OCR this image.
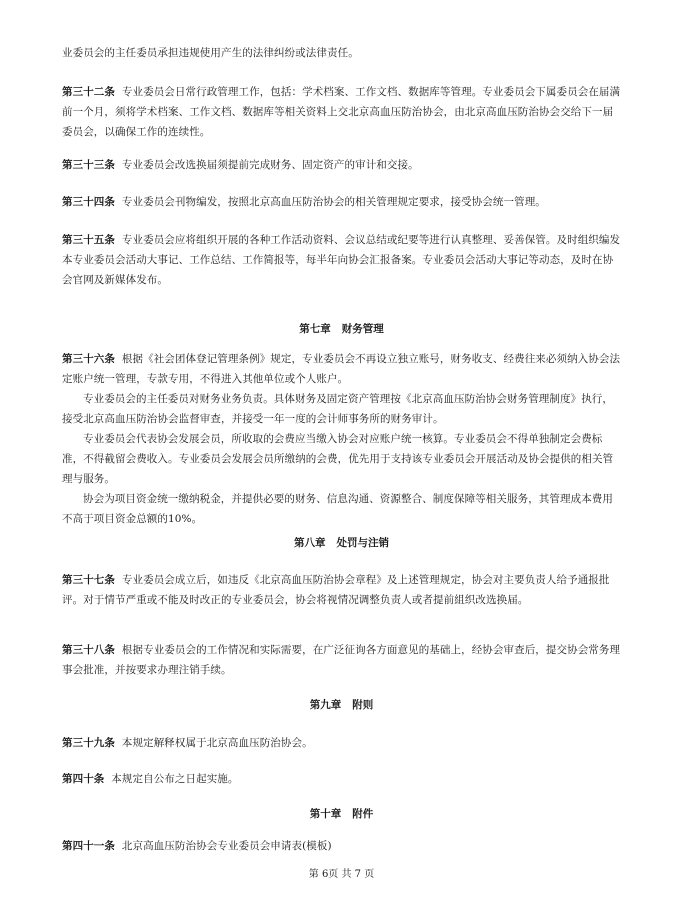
业委员会的主任委员承担违规使用产生的法律纠纷或法律责任。

第三十二条 专业委员会日常行政管理工作，包括：学术档案、工作文档、数据库等管理。专业委员会下属委员会在届满前一个月，须将学术档案、工作文档、数据库等相关资料上交北京高血压防治协会，由北京高血压防治协会交给下一届委员会，以确保工作的连续性。

第三十三条 专业委员会改选换届须提前完成财务、固定资产的审计和交接。

第三十四条 专业委员会刊物编发，按照北京高血压防治协会的相关管理规定要求，接受协会统一管理。

第三十五条 专业委员会应将组织开展的各种工作活动资料、会议总结或纪要等进行认真整理、妥善保管。及时组织编发本专业委员会活动大事记、工作总结、工作简报等，每半年向协会汇报备案。专业委员会活动大事记等动态，及时在协会官网及新媒体发布。

第七章 财务管理

第三十六条 根据《社会团体登记管理条例》规定，专业委员会不再设立独立账号，财务收支、经费往来必须纳入协会法定账户统一管理，专款专用，不得进入其他单位或个人账户。

专业委员会的主任委员对财务业务负责。具体财务及固定资产管理按《北京高血压防治协会财务管理制度》执行，接受北京高血压防治协会监督审查，并接受一年一度的会计师事务所的财务审计。

专业委员会代表协会发展会员，所收取的会费应当缴入协会对应账户统一核算。专业委员会不得单独制定会费标准，不得截留会费收入。专业委员会发展会员所缴纳的会费，优先用于支持该专业委员会开展活动及协会提供的相关管理与服务。

协会为项目资金统一缴纳税金，并提供必要的财务、信息沟通、资源整合、制度保障等相关服务，其管理成本费用不高于项目资金总额的10%。

第八章 处罚与注销

第三十七条 专业委员会成立后，如违反《北京高血压防治协会章程》及上述管理规定，协会对主要负责人给予通报批评。对于情节严重或不能及时改正的专业委员会，协会将视情况调整负责人或者提前組织改选换届。

第三十八条 根据专业委员会的工作情况和实际需要，在广泛征询各方面意见的基础上，经协会审查后，提交协会常务理事会批准，并按要求办理注销手续。

第九章 附则

第三十九条 本规定解释权属于北京高血压防治协会。

第四十条 本规定自公布之日起实施。

第十章 附件

第四十一条 北京高血压防治协会专业委员会申请表(模板)

第 6页 共 7 页
